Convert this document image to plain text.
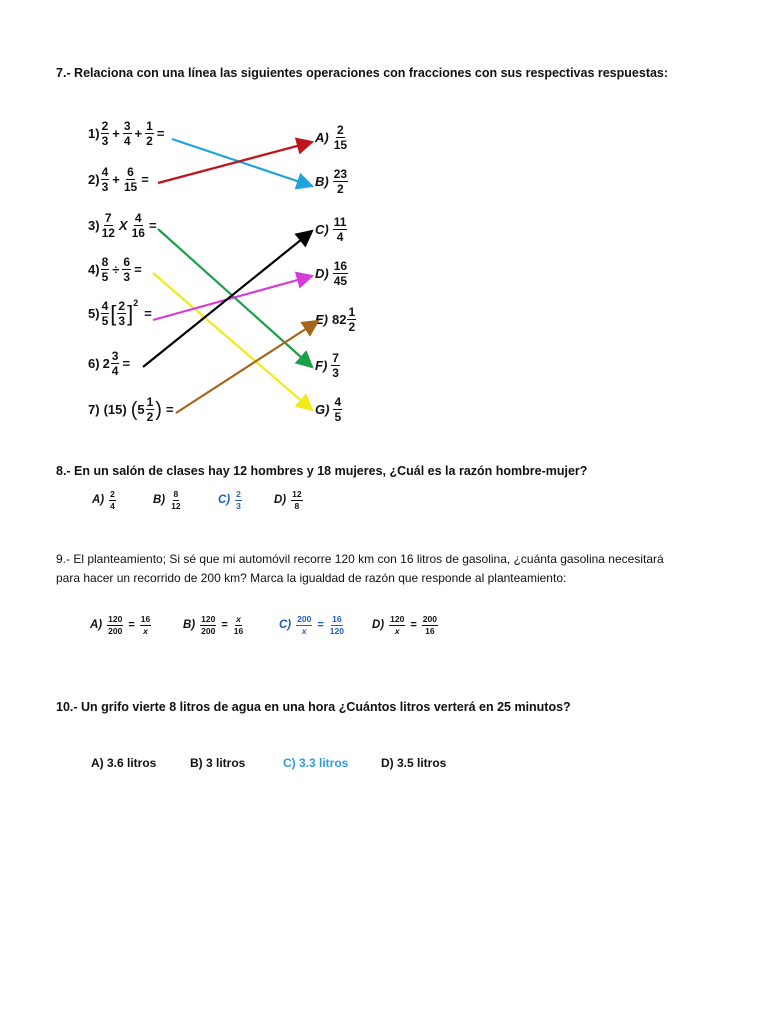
7.- Relaciona con una línea las siguientes operaciones con fracciones con sus respectivas respuestas:
$1) \frac{2}{3} + \frac{3}{4} + \frac{1}{2}$ =
$2) \frac{4}{3} + \frac{6}{15}$ =
$3) \frac{7}{12}$ X $\frac{4}{16}$ =
$4) \frac{8}{5} \div \frac{6}{3}$ =
$5) \frac{4}{5}$ [ $\frac{2}{3}$ ] 2
=
6) $2 \frac{3}{4}$ =
7) (15) ( $5 \frac{1}{2}$ ) =
$A) \frac{2}{15}$
$B) \frac{23}{2}$
$C) \frac{11}{4}$
$D) \frac{16}{45}$
E) $82 \frac{1}{2}$
$F) \frac{7}{3}$
$G) \frac{4}{5}$
8.- En un salón de clases hay 12 hombres y 18 mujeres, ¿Cuál es la razón hombre-mujer?
$A) \frac{2}{4}$	$B) \frac{8}{12}$	$C) \frac{2}{3}$	$D) \frac{12}{8}$
9.- El planteamiento; Si sé que mi automóvil recorre 120 km con 16 litros de gasolina, ¿cuánta gasolina necesitará
para hacer un recorrido de 200 km? Marca la igualdad de razón que responde al planteamiento:
$A) \frac{120}{200} = \frac{16}{x}$	$B) \frac{120}{200} = \frac{x}{16}$	$C) \frac{200}{x} = \frac{16}{120} D) \frac{120}{x} = \frac{200}{16}$
10.- Un grifo vierte 8 litros de agua en una hora ¿Cuántos litros verterá en 25 minutos?
A) 3.6 litros	B) 3 litros	C) 3.3 litros	D) 3.5 litros
